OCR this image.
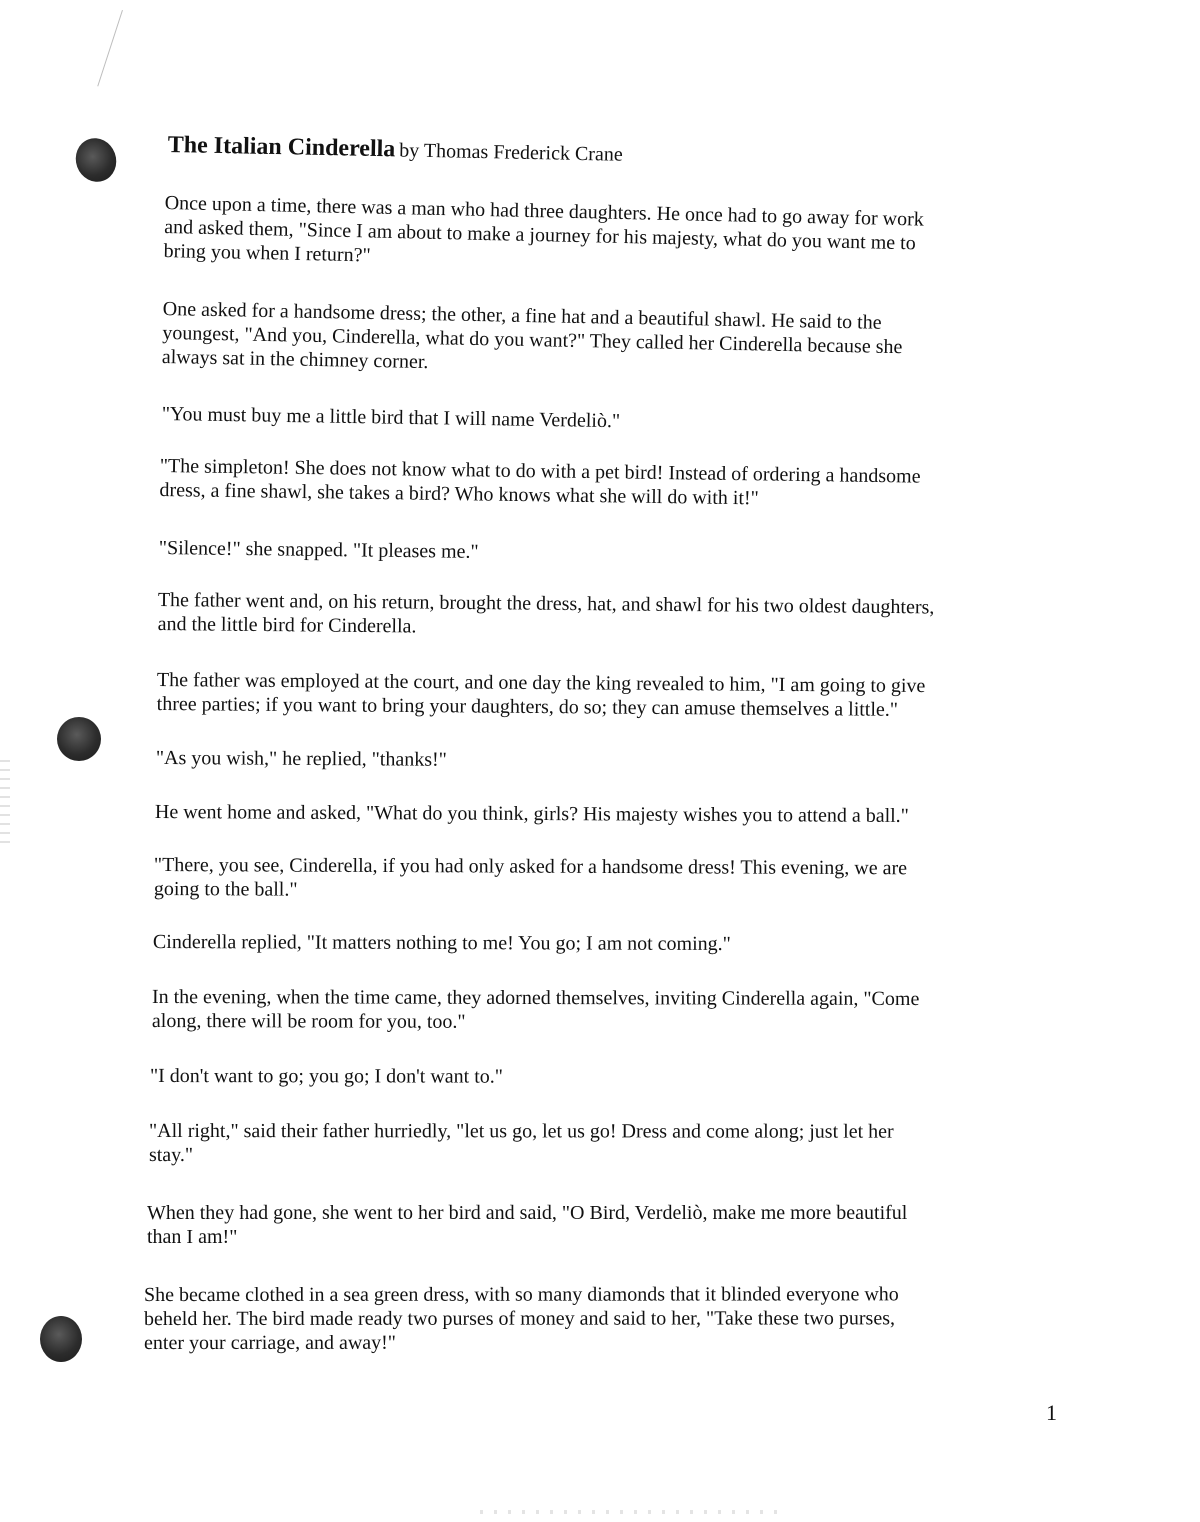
The Italian Cinderella by Thomas Frederick Crane
Once upon a time, there was a man who had three daughters. He once had to go away for work
and asked them, "Since I am about to make a journey for his majesty, what do you want me to
bring you when I return?"
One asked for a handsome dress; the other, a fine hat and a beautiful shawl. He said to the
youngest, "And you, Cinderella, what do you want?" They called her Cinderella because she
always sat in the chimney corner.
"You must buy me a little bird that I will name Verdeliò."
"The simpleton! She does not know what to do with a pet bird! Instead of ordering a handsome
dress, a fine shawl, she takes a bird? Who knows what she will do with it!"
"Silence!" she snapped. "It pleases me."
The father went and, on his return, brought the dress, hat, and shawl for his two oldest daughters,
and the little bird for Cinderella.
The father was employed at the court, and one day the king revealed to him, "I am going to give
three parties; if you want to bring your daughters, do so; they can amuse themselves a little."
"As you wish," he replied, "thanks!"
He went home and asked, "What do you think, girls? His majesty wishes you to attend a ball."
"There, you see, Cinderella, if you had only asked for a handsome dress! This evening, we are
going to the ball."
Cinderella replied, "It matters nothing to me! You go; I am not coming."
In the evening, when the time came, they adorned themselves, inviting Cinderella again, "Come
along, there will be room for you, too."
"I don't want to go; you go; I don't want to."
"All right," said their father hurriedly, "let us go, let us go! Dress and come along; just let her
stay."
When they had gone, she went to her bird and said, "O Bird, Verdeliò, make me more beautiful
than I am!"
She became clothed in a sea green dress, with so many diamonds that it blinded everyone who
beheld her. The bird made ready two purses of money and said to her, "Take these two purses,
enter your carriage, and away!"
1
